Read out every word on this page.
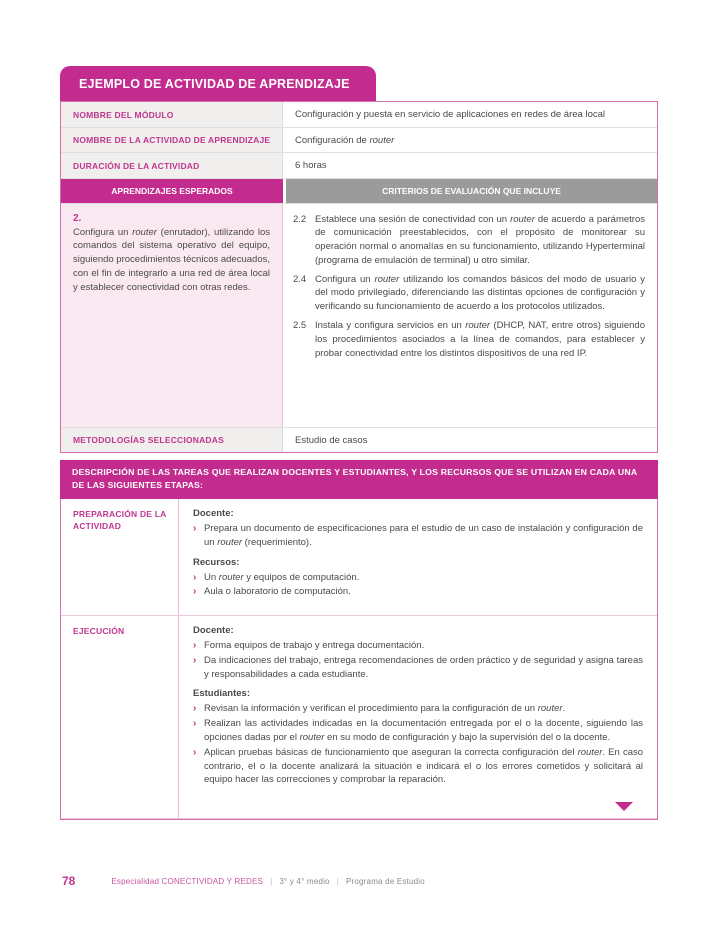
EJEMPLO DE ACTIVIDAD DE APRENDIZAJE
NOMBRE DEL MÓDULO	Configuración y puesta en servicio de aplicaciones en redes de área local
NOMBRE DE LA ACTIVIDAD DE APRENDIZAJE	Configuración de router
DURACIÓN DE LA ACTIVIDAD	6 horas
APRENDIZAJES ESPERADOS	CRITERIOS DE EVALUACIÓN QUE INCLUYE
2.
Configura un router (enrutador), utilizando los comandos del sistema operativo del equipo, siguiendo procedimientos técnicos adecuados, con el fin de integrarlo a una red de área local y establecer conectividad con otras redes.
2.2 Establece una sesión de conectividad con un router de acuerdo a parámetros de comunicación preestablecidos, con el propósito de monitorear su operación normal o anomalías en su funcionamiento, utilizando Hyperterminal (programa de emulación de terminal) u otro similar.
2.4 Configura un router utilizando los comandos básicos del modo de usuario y del modo privilegiado, diferenciando las distintas opciones de configuración y verificando su funcionamiento de acuerdo a los protocolos utilizados.
2.5 Instala y configura servicios en un router (DHCP, NAT, entre otros) siguiendo los procedimientos asociados a la línea de comandos, para establecer y probar conectividad entre los distintos dispositivos de una red IP.
METODOLOGÍAS SELECCIONADAS	Estudio de casos
DESCRIPCIÓN DE LAS TAREAS QUE REALIZAN DOCENTES Y ESTUDIANTES, Y LOS RECURSOS QUE SE UTILIZAN EN CADA UNA DE LAS SIGUIENTES ETAPAS:
PREPARACIÓN DE LA ACTIVIDAD
Docente:
› Prepara un documento de especificaciones para el estudio de un caso de instalación y configuración de un router (requerimiento).
Recursos:
› Un router y equipos de computación.
› Aula o laboratorio de computación.
EJECUCIÓN	Docente:
› Forma equipos de trabajo y entrega documentación.
› Da indicaciones del trabajo, entrega recomendaciones de orden práctico y de seguridad y asigna tareas y responsabilidades a cada estudiante.
Estudiantes:
› Revisan la información y verifican el procedimiento para la configuración de un router.
› Realizan las actividades indicadas en la documentación entregada por el o la docente, siguiendo las opciones dadas por el router en su modo de configuración y bajo la supervisión del o la docente.
› Aplican pruebas básicas de funcionamiento que aseguran la correcta configuración del router. En caso contrario, el o la docente analizará la situación e indicará el o los errores cometidos y solicitará al equipo hacer las correcciones y comprobar la reparación.
78	Especialidad CONECTIVIDAD Y REDES | 3° y 4° medio | Programa de Estudio
